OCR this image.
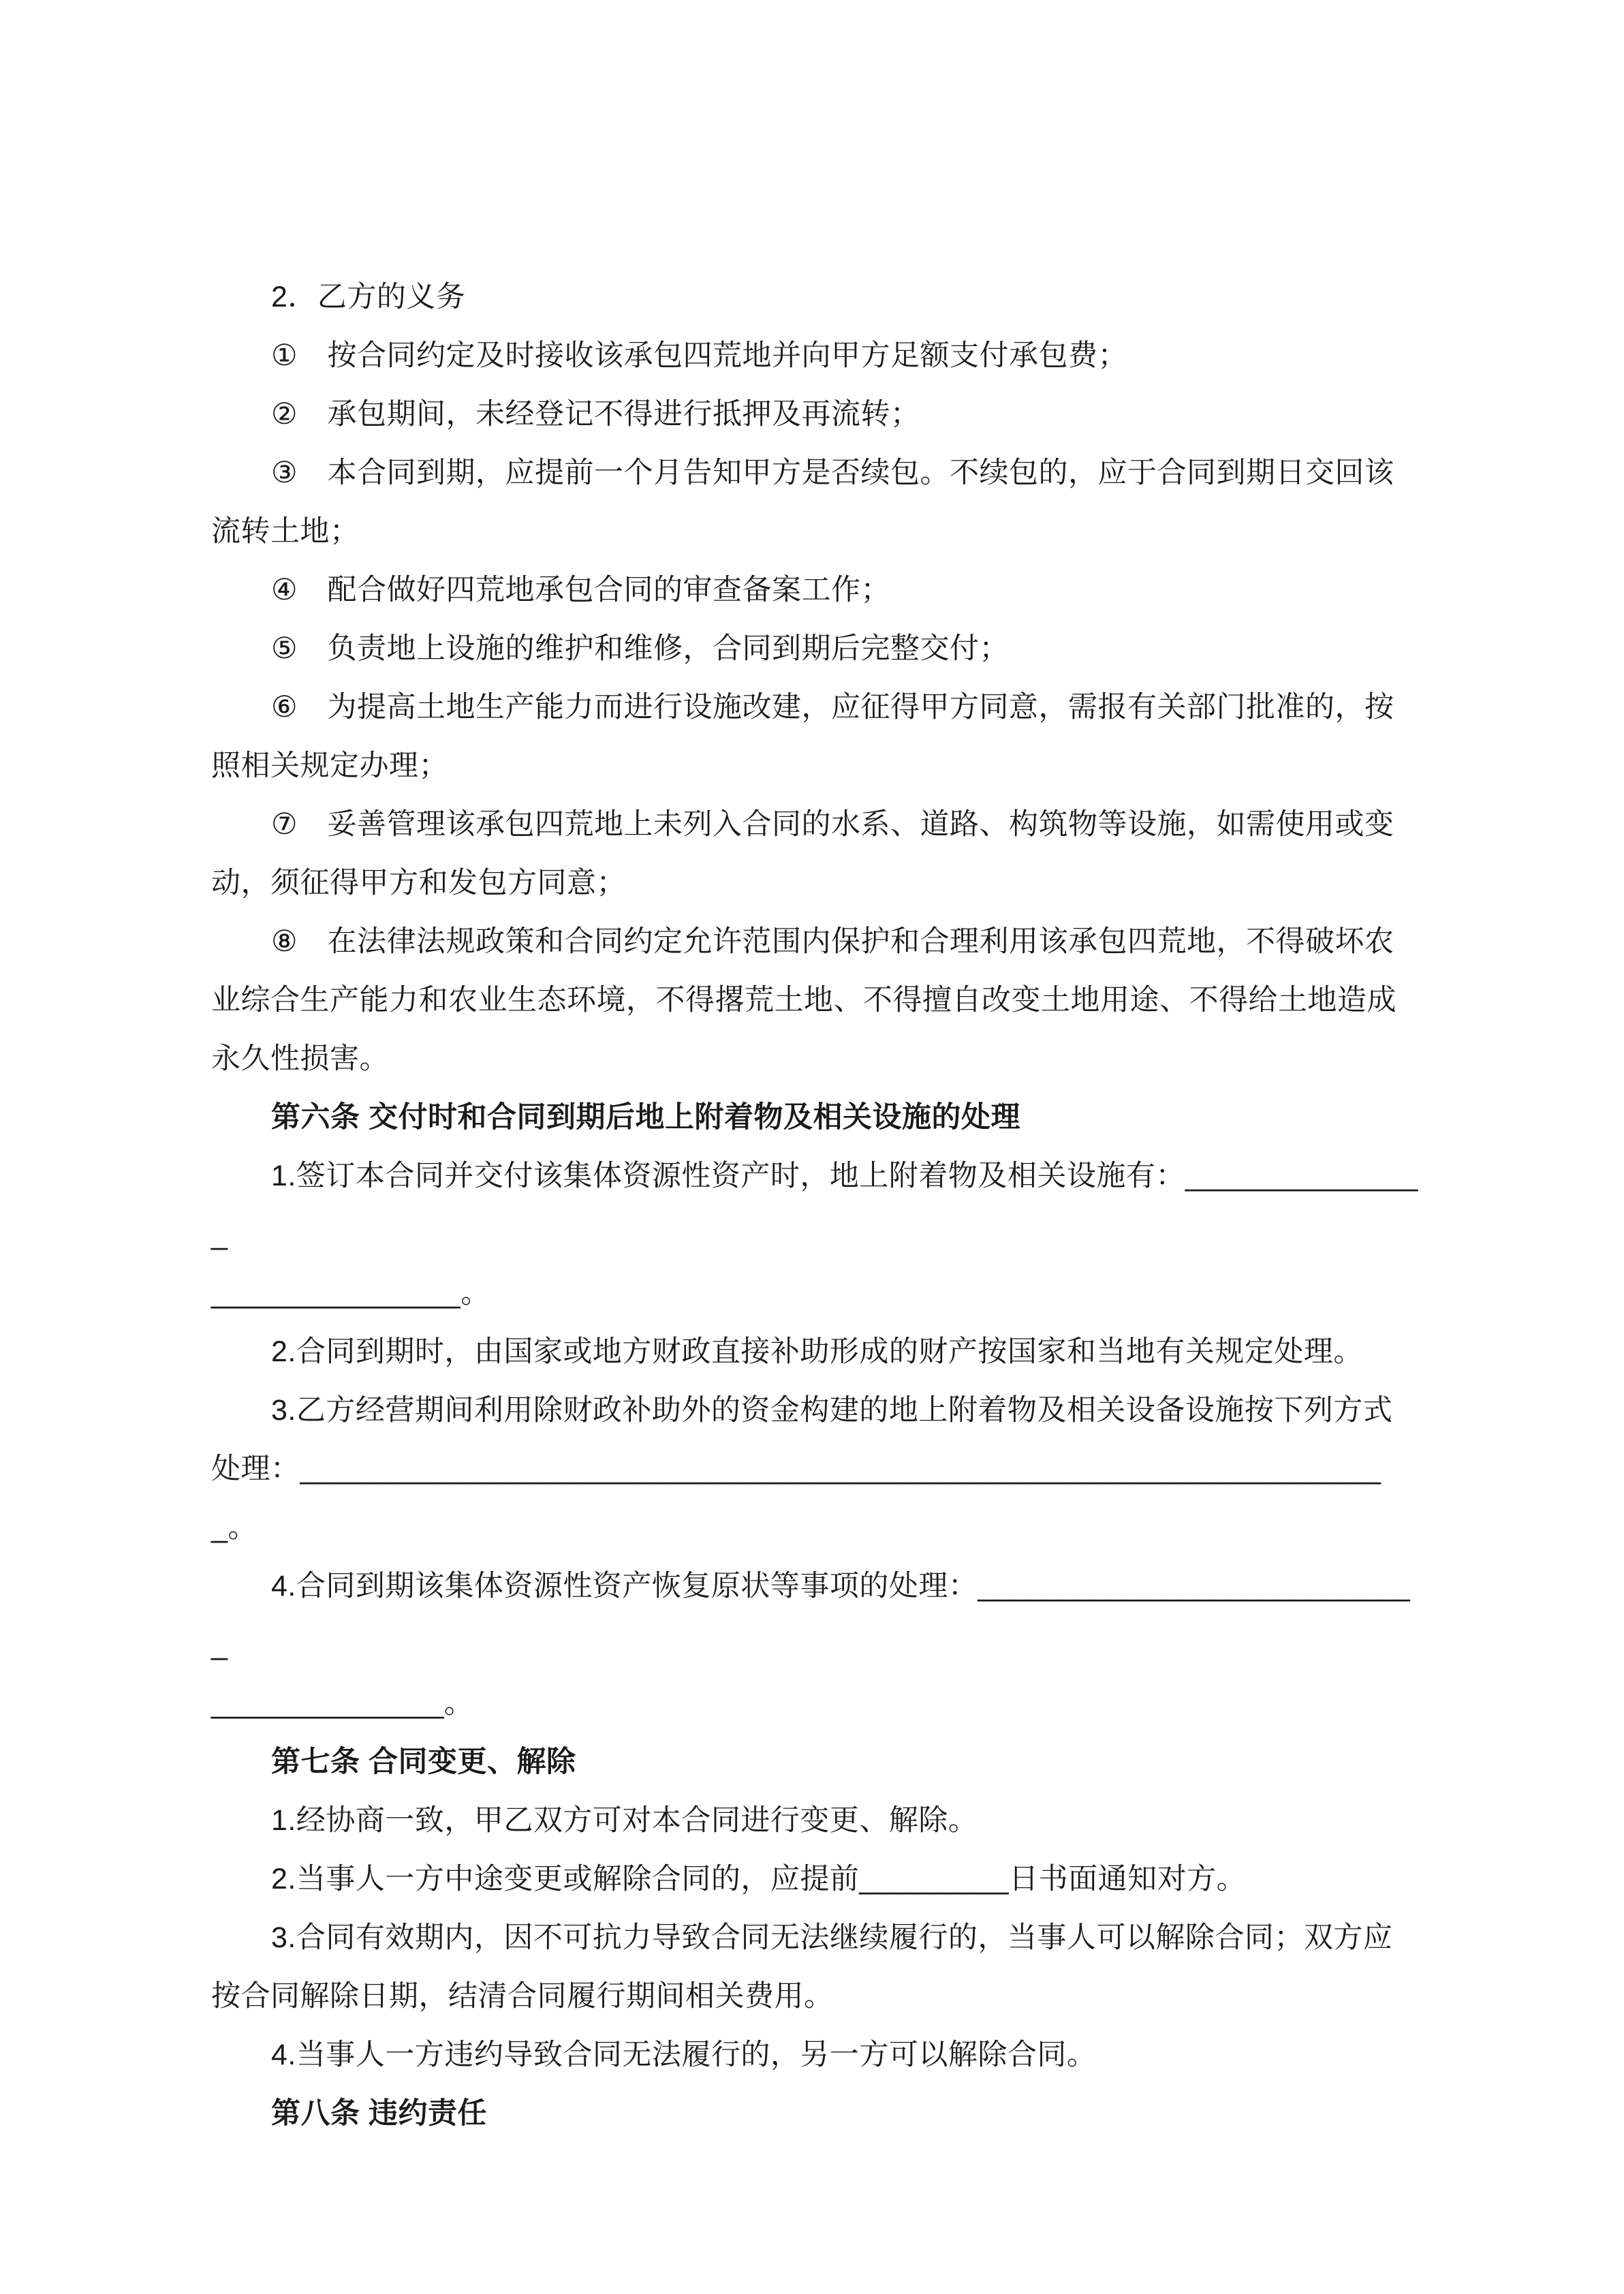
2．乙方的义务

①　按合同约定及时接收该承包四荒地并向甲方足额支付承包费；

②　承包期间，未经登记不得进行抵押及再流转；

③　本合同到期，应提前一个月告知甲方是否续包。不续包的，应于合同到期日交回该

流转土地；

④　配合做好四荒地承包合同的审查备案工作；

⑤　负责地上设施的维护和维修，合同到期后完整交付；

⑥　为提高土地生产能力而进行设施改建，应征得甲方同意，需报有关部门批准的，按

照相关规定办理；

⑦　妥善管理该承包四荒地上未列入合同的水系、道路、构筑物等设施，如需使用或变

动，须征得甲方和发包方同意；

⑧　在法律法规政策和合同约定允许范围内保护和合理利用该承包四荒地，不得破坏农

业综合生产能力和农业生态环境，不得撂荒土地、不得擅自改变土地用途、不得给土地造成

永久性损害。

第六条 交付时和合同到期后地上附着物及相关设施的处理

1.签订本合同并交付该集体资源性资产时，地上附着物及相关设施有：_______________

_______________。

2.合同到期时，由国家或地方财政直接补助形成的财产按国家和当地有关规定处理。

3.乙方经营期间利用除财政补助外的资金构建的地上附着物及相关设备设施按下列方式

处理：__________________________________________________________________。

4.合同到期该集体资源性资产恢复原状等事项的处理：___________________________

______________。

第七条 合同变更、解除

1.经协商一致，甲乙双方可对本合同进行变更、解除。

2.当事人一方中途变更或解除合同的，应提前_________日书面通知对方。

3.合同有效期内，因不可抗力导致合同无法继续履行的，当事人可以解除合同；双方应

按合同解除日期，结清合同履行期间相关费用。

4.当事人一方违约导致合同无法履行的，另一方可以解除合同。

第八条 违约责任
